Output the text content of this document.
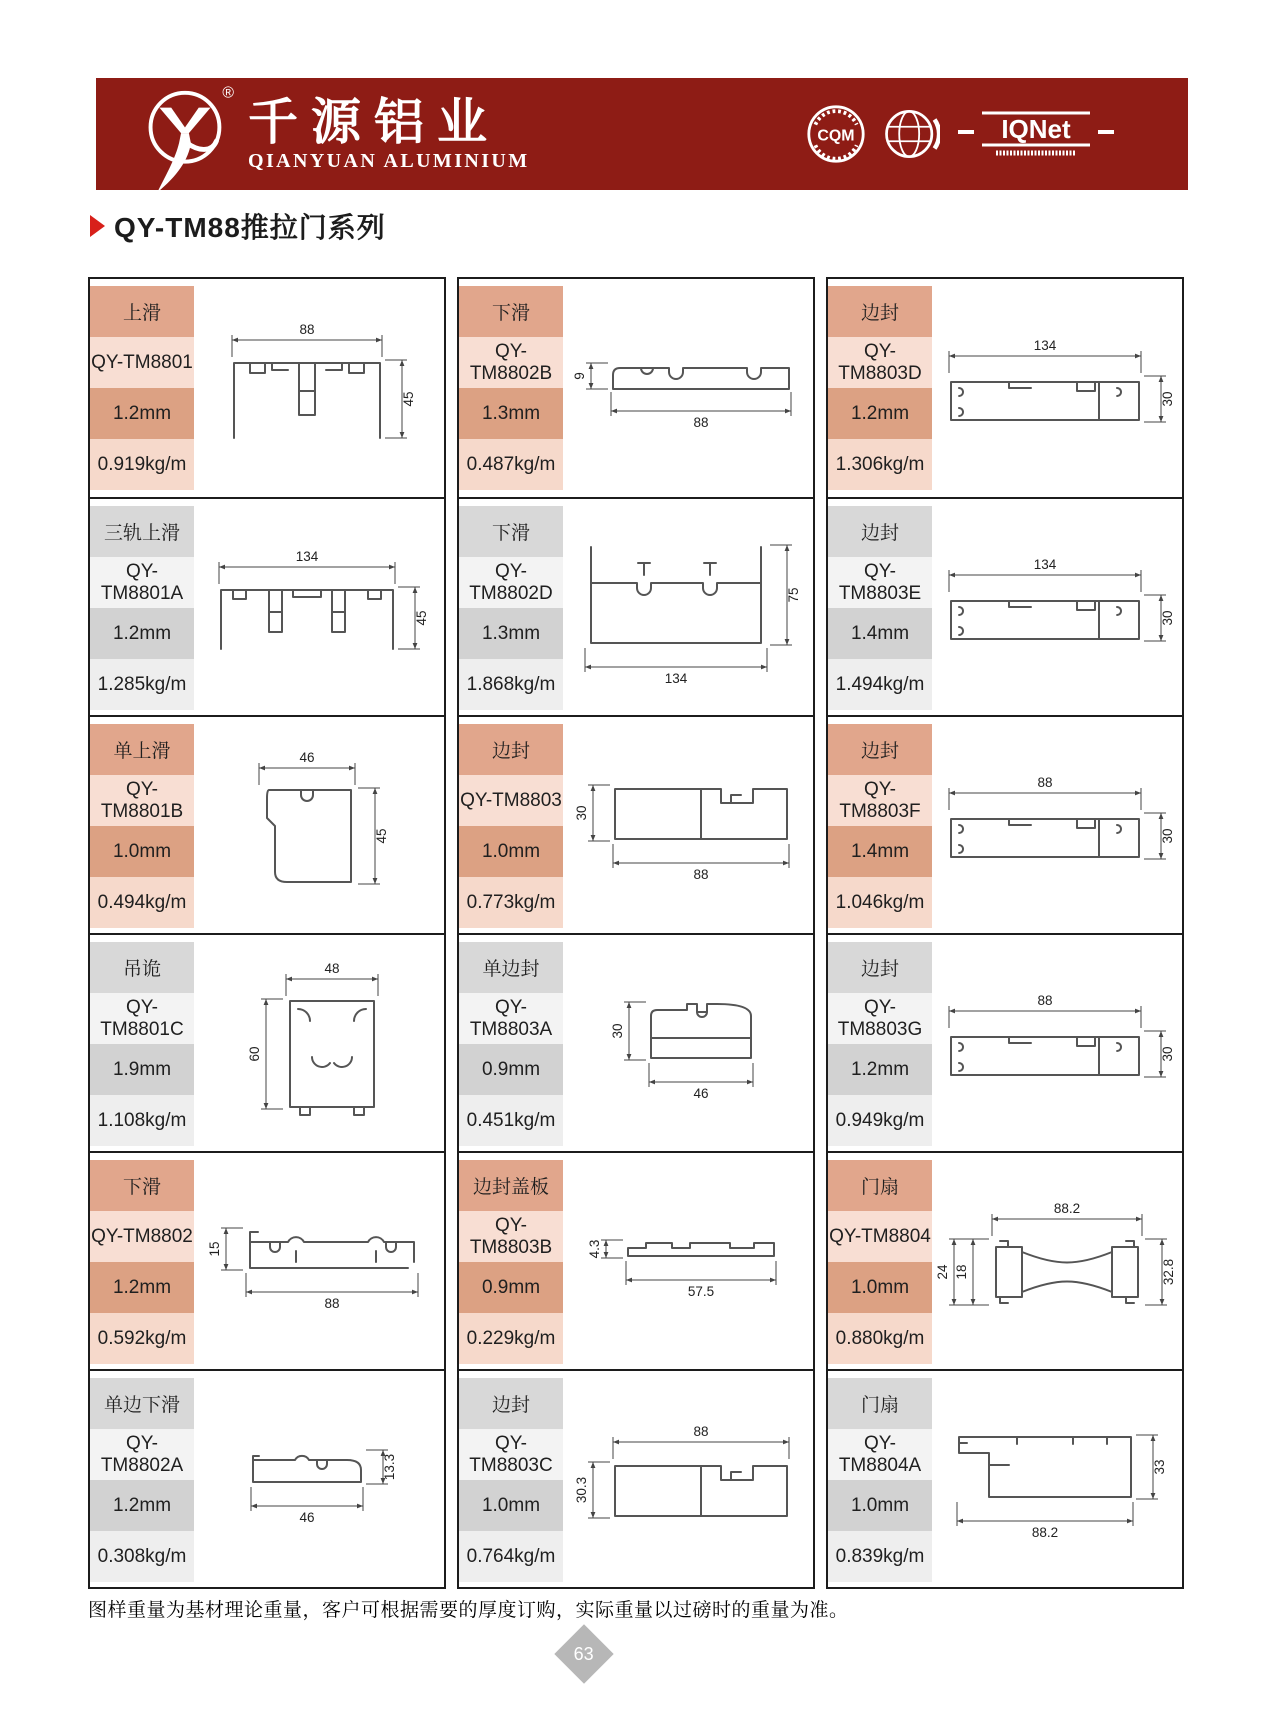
®
千源铝业
QIANYUAN ALUMINIUM
CQM	IQNet
QY-TM88推拉门系列
上滑
QY-TM8801
1.2mm
0.919kg/m
88
45
三轨上滑
QY-TM8801A
1.2mm
1.285kg/m
134
45
单上滑
QY-TM8801B
1.0mm
0.494kg/m
46
45
吊诡
QY-TM8801C
1.9mm
1.108kg/m
48
60
下滑
QY-TM8802
1.2mm
0.592kg/m
15
88
单边下滑
QY-TM8802A
1.2mm
0.308kg/m
13.3
46
下滑
QY-TM8802B
1.3mm
0.487kg/m
9
88
下滑
QY-TM8802D
1.3mm
1.868kg/m
75
134
边封
QY-TM8803
1.0mm
0.773kg/m
30
88
单边封
QY-TM8803A
0.9mm
0.451kg/m
30
46
边封盖板
QY-TM8803B
0.9mm
0.229kg/m
4.3
57.5
边封
QY-TM8803C
1.0mm
0.764kg/m
88
30.3
边封
QY-TM8803D
1.2mm
1.306kg/m
134
30
边封
QY-TM8803E
1.4mm
1.494kg/m
134
30
边封
QY-TM8803F
1.4mm
1.046kg/m
88
30
边封
QY-TM8803G
1.2mm
0.949kg/m
88
30
门扇
QY-TM8804
1.0mm
0.880kg/m
88.2
24 18	32.8
门扇
QY-TM8804A
1.0mm
0.839kg/m
33
88.2

图样重量为基材理论重量，客户可根据需要的厚度订购，实际重量以过磅时的重量为准。

63
